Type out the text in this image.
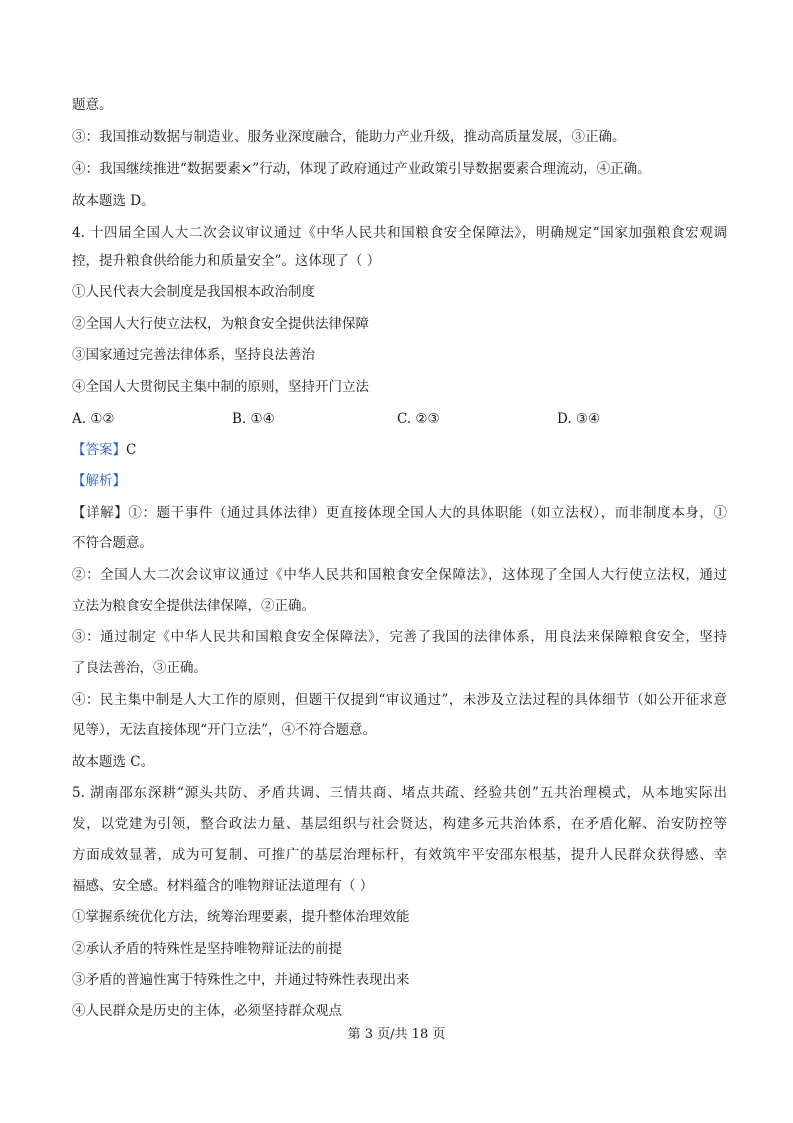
题意。
③：我国推动数据与制造业、服务业深度融合，能助力产业升级，推动高质量发展，③正确。
④：我国继续推进“数据要素×”行动，体现了政府通过产业政策引导数据要素合理流动，④正确。
故本题选 D。
4. 十四届全国人大二次会议审议通过《中华人民共和国粮食安全保障法》，明确规定“国家加强粮食宏观调
控，提升粮食供给能力和质量安全”。这体现了（ ）
①人民代表大会制度是我国根本政治制度
②全国人大行使立法权，为粮食安全提供法律保障
③国家通过完善法律体系，坚持良法善治
④全国人大贯彻民主集中制的原则，坚持开门立法
A. ①②	B. ①④	C. ②③	D. ③④
【答案】C
【解析】
【详解】①：题干事件（通过具体法律）更直接体现全国人大的具体职能（如立法权），而非制度本身，①
不符合题意。
②：全国人大二次会议审议通过《中华人民共和国粮食安全保障法》，这体现了全国人大行使立法权，通过
立法为粮食安全提供法律保障，②正确。
③：通过制定《中华人民共和国粮食安全保障法》，完善了我国的法律体系，用良法来保障粮食安全，坚持
了良法善治，③正确。
④：民主集中制是人大工作的原则，但题干仅提到“审议通过”，未涉及立法过程的具体细节（如公开征求意
见等），无法直接体现“开门立法”，④不符合题意。
故本题选 C。
5. 湖南邵东深耕“源头共防、矛盾共调、三情共商、堵点共疏、经验共创”五共治理模式，从本地实际出
发，以党建为引领，整合政法力量、基层组织与社会贤达，构建多元共治体系，在矛盾化解、治安防控等
方面成效显著，成为可复制、可推广的基层治理标杆，有效筑牢平安邵东根基，提升人民群众获得感、幸
福感、安全感。材料蕴含的唯物辩证法道理有（ ）
①掌握系统优化方法，统筹治理要素，提升整体治理效能
②承认矛盾的特殊性是坚持唯物辩证法的前提
③矛盾的普遍性寓于特殊性之中，并通过特殊性表现出来
④人民群众是历史的主体，必须坚持群众观点
第 3 页/共 18 页
